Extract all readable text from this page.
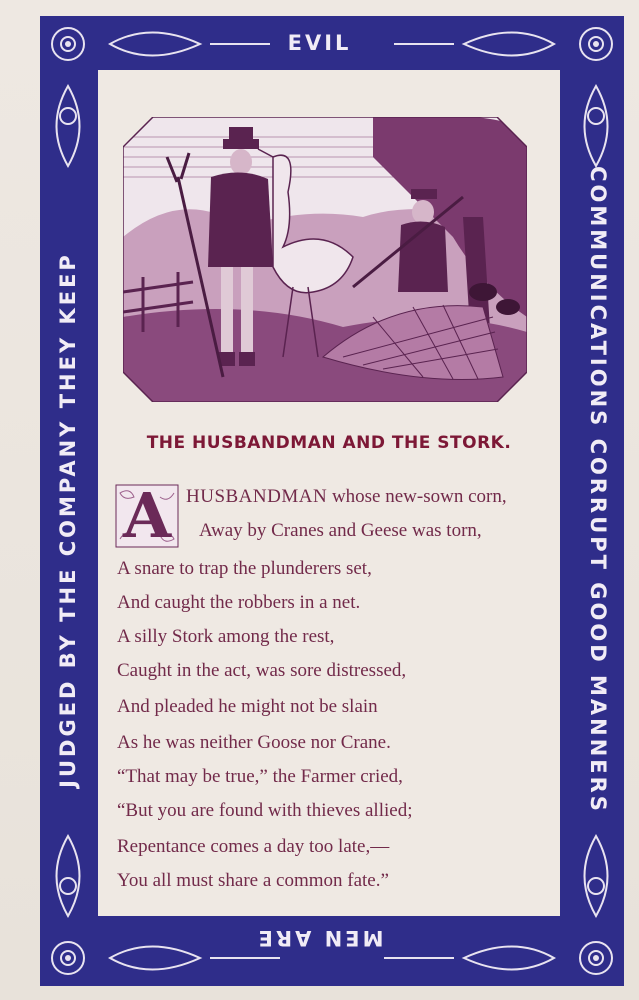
EVIL
MEN ARE
JUDGED BY THE COMPANY THEY KEEP	COMMUNICATIONS CORRUPT GOOD MANNERS
THE HUSBANDMAN AND THE STORK.
A HUSBANDMAN whose new-sown corn,
Away by Cranes and Geese was torn,
A snare to trap the plunderers set,
And caught the robbers in a net.
A silly Stork among the rest,
Caught in the act, was sore distressed,
And pleaded he might not be slain
As he was neither Goose nor Crane.
“That may be true,” the Farmer cried,
“But you are found with thieves allied;
Repentance comes a day too late,—
You all must share a common fate.”
